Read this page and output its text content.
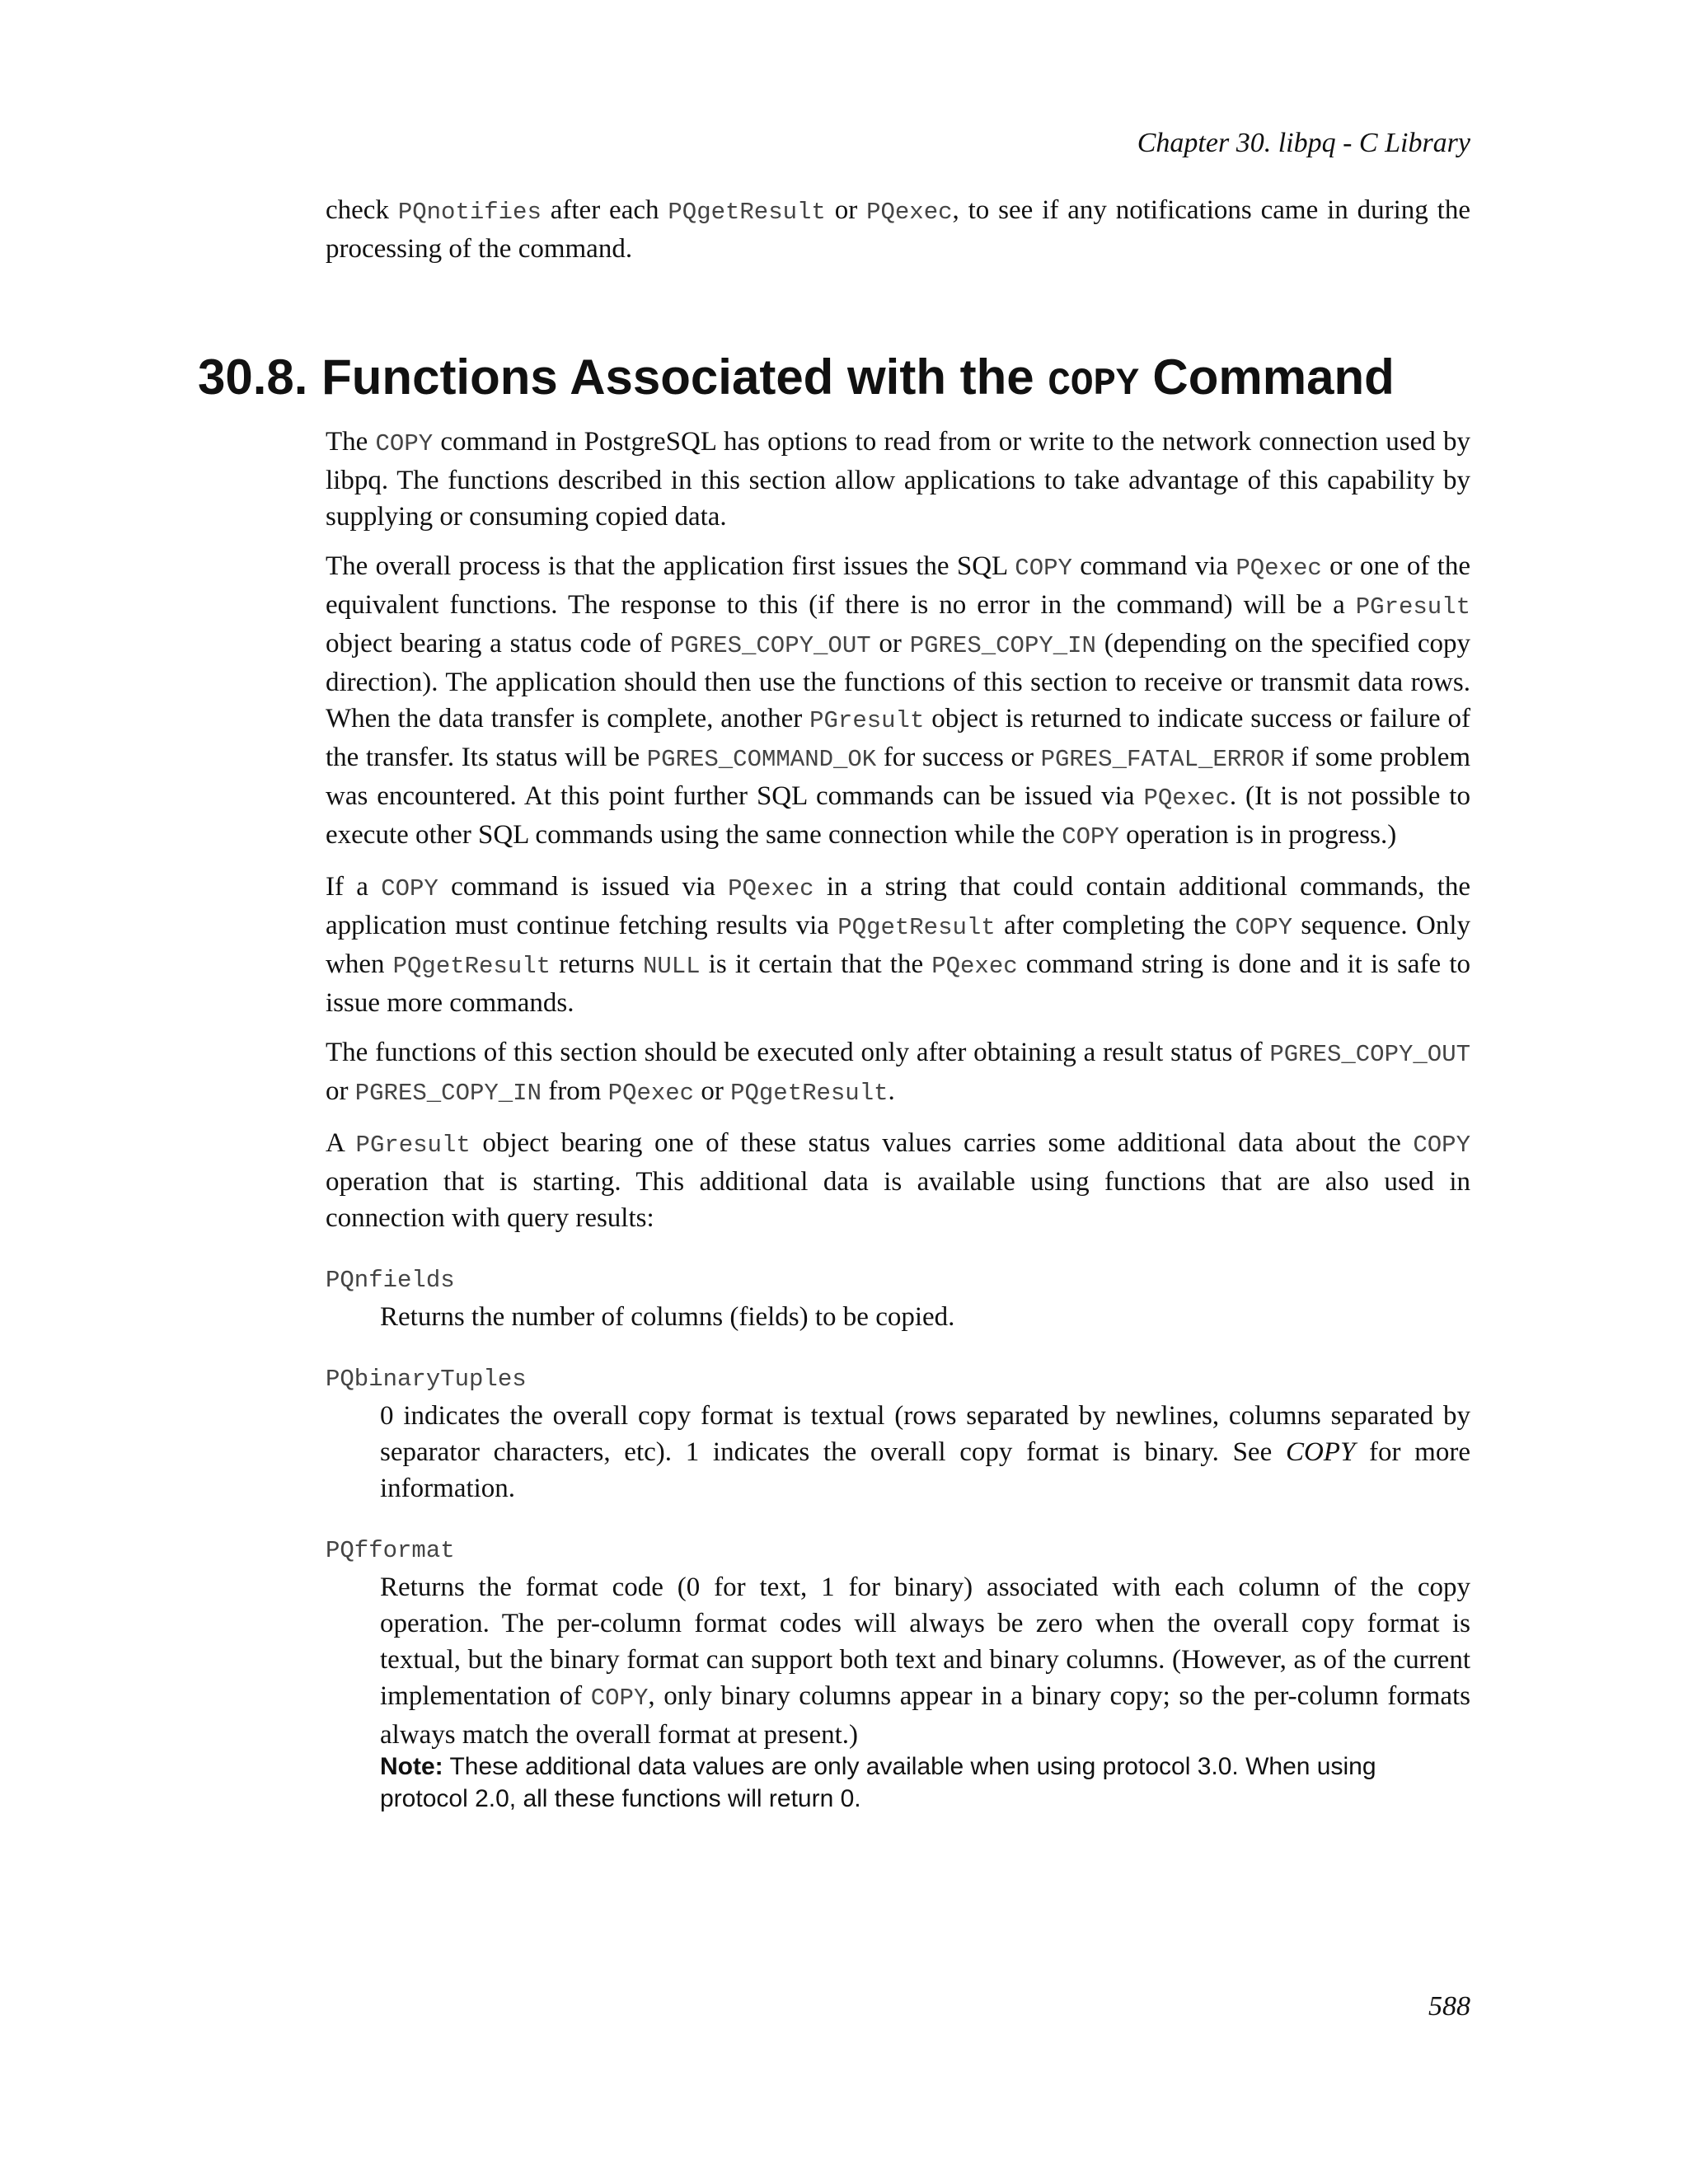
Chapter 30. libpq - C Library

check PQnotifies after each PQgetResult or PQexec, to see if any notifications came in during the processing of the command.

30.8. Functions Associated with the COPY Command

The COPY command in PostgreSQL has options to read from or write to the network connection used by libpq. The functions described in this section allow applications to take advantage of this capability by supplying or consuming copied data.

The overall process is that the application first issues the SQL COPY command via PQexec or one of the equivalent functions. The response to this (if there is no error in the command) will be a PGresult object bearing a status code of PGRES_COPY_OUT or PGRES_COPY_IN (depending on the specified copy direction). The application should then use the functions of this section to receive or transmit data rows. When the data transfer is complete, another PGresult object is returned to indicate success or failure of the transfer. Its status will be PGRES_COMMAND_OK for success or PGRES_FATAL_ERROR if some problem was encountered. At this point further SQL commands can be issued via PQexec. (It is not possible to execute other SQL commands using the same connection while the COPY operation is in progress.)

If a COPY command is issued via PQexec in a string that could contain additional commands, the application must continue fetching results via PQgetResult after completing the COPY sequence. Only when PQgetResult returns NULL is it certain that the PQexec command string is done and it is safe to issue more commands.

The functions of this section should be executed only after obtaining a result status of PGRES_COPY_OUT or PGRES_COPY_IN from PQexec or PQgetResult.

A PGresult object bearing one of these status values carries some additional data about the COPY operation that is starting. This additional data is available using functions that are also used in connection with query results:

PQnfields

Returns the number of columns (fields) to be copied.

PQbinaryTuples

0 indicates the overall copy format is textual (rows separated by newlines, columns separated by separator characters, etc). 1 indicates the overall copy format is binary. See COPY for more information.

PQfformat

Returns the format code (0 for text, 1 for binary) associated with each column of the copy operation. The per-column format codes will always be zero when the overall copy format is textual, but the binary format can support both text and binary columns. (However, as of the current implementation of COPY, only binary columns appear in a binary copy; so the per-column formats always match the overall format at present.)

Note: These additional data values are only available when using protocol 3.0. When using protocol 2.0, all these functions will return 0.
588
